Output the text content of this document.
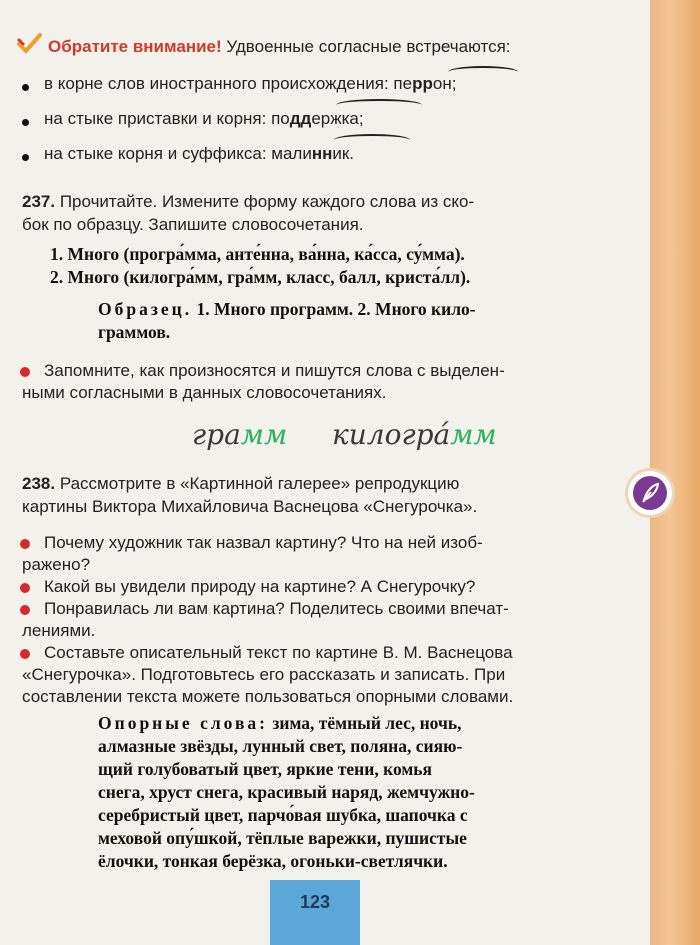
Обратите внимание! Удвоенные согласные встречаются:
в корне слов иностранного происхождения: перрон;
на стыке приставки и корня: поддержка;
на стыке корня и суффикса: малинник.
237. Прочитайте. Измените форму каждого слова из ско-
бок по образцу. Запишите словосочетания.
1. Много (програ́мма, анте́нна, ва́нна, ка́сса, су́мма).
2. Много (килогра́мм, гра́мм, класс, балл, криста́лл).
Образец. 1. Много программ. 2. Много кило-
граммов.
Запомните, как произносятся и пишутся слова с выделен-
ными согласными в данных словосочетаниях.
грамм килогра́мм
238. Рассмотрите в «Картинной галерее» репродукцию
картины Виктора Михайловича Васнецова «Снегурочка».
Почему художник так назвал картину? Что на ней изоб-
ражено?
Какой вы увидели природу на картине? А Снегурочку?
Понравилась ли вам картина? Поделитесь своими впечат-
лениями.
Составьте описательный текст по картине В. М. Васнецова
«Снегурочка». Подготовьтесь его рассказать и записать. При
составлении текста можете пользоваться опорными словами.
Опорные слова: зима, тёмный лес, ночь,
алмазные звёзды, лунный свет, поляна, сияю-
щий голубоватый цвет, яркие тени, комья
снега, хруст снега, красивый наряд, жемчужно-
серебристый цвет, парчо́вая шубка, шапочка с
меховой опу́шкой, тёплые варежки, пушистые
ёлочки, тонкая берёзка, огоньки-светлячки.
123
